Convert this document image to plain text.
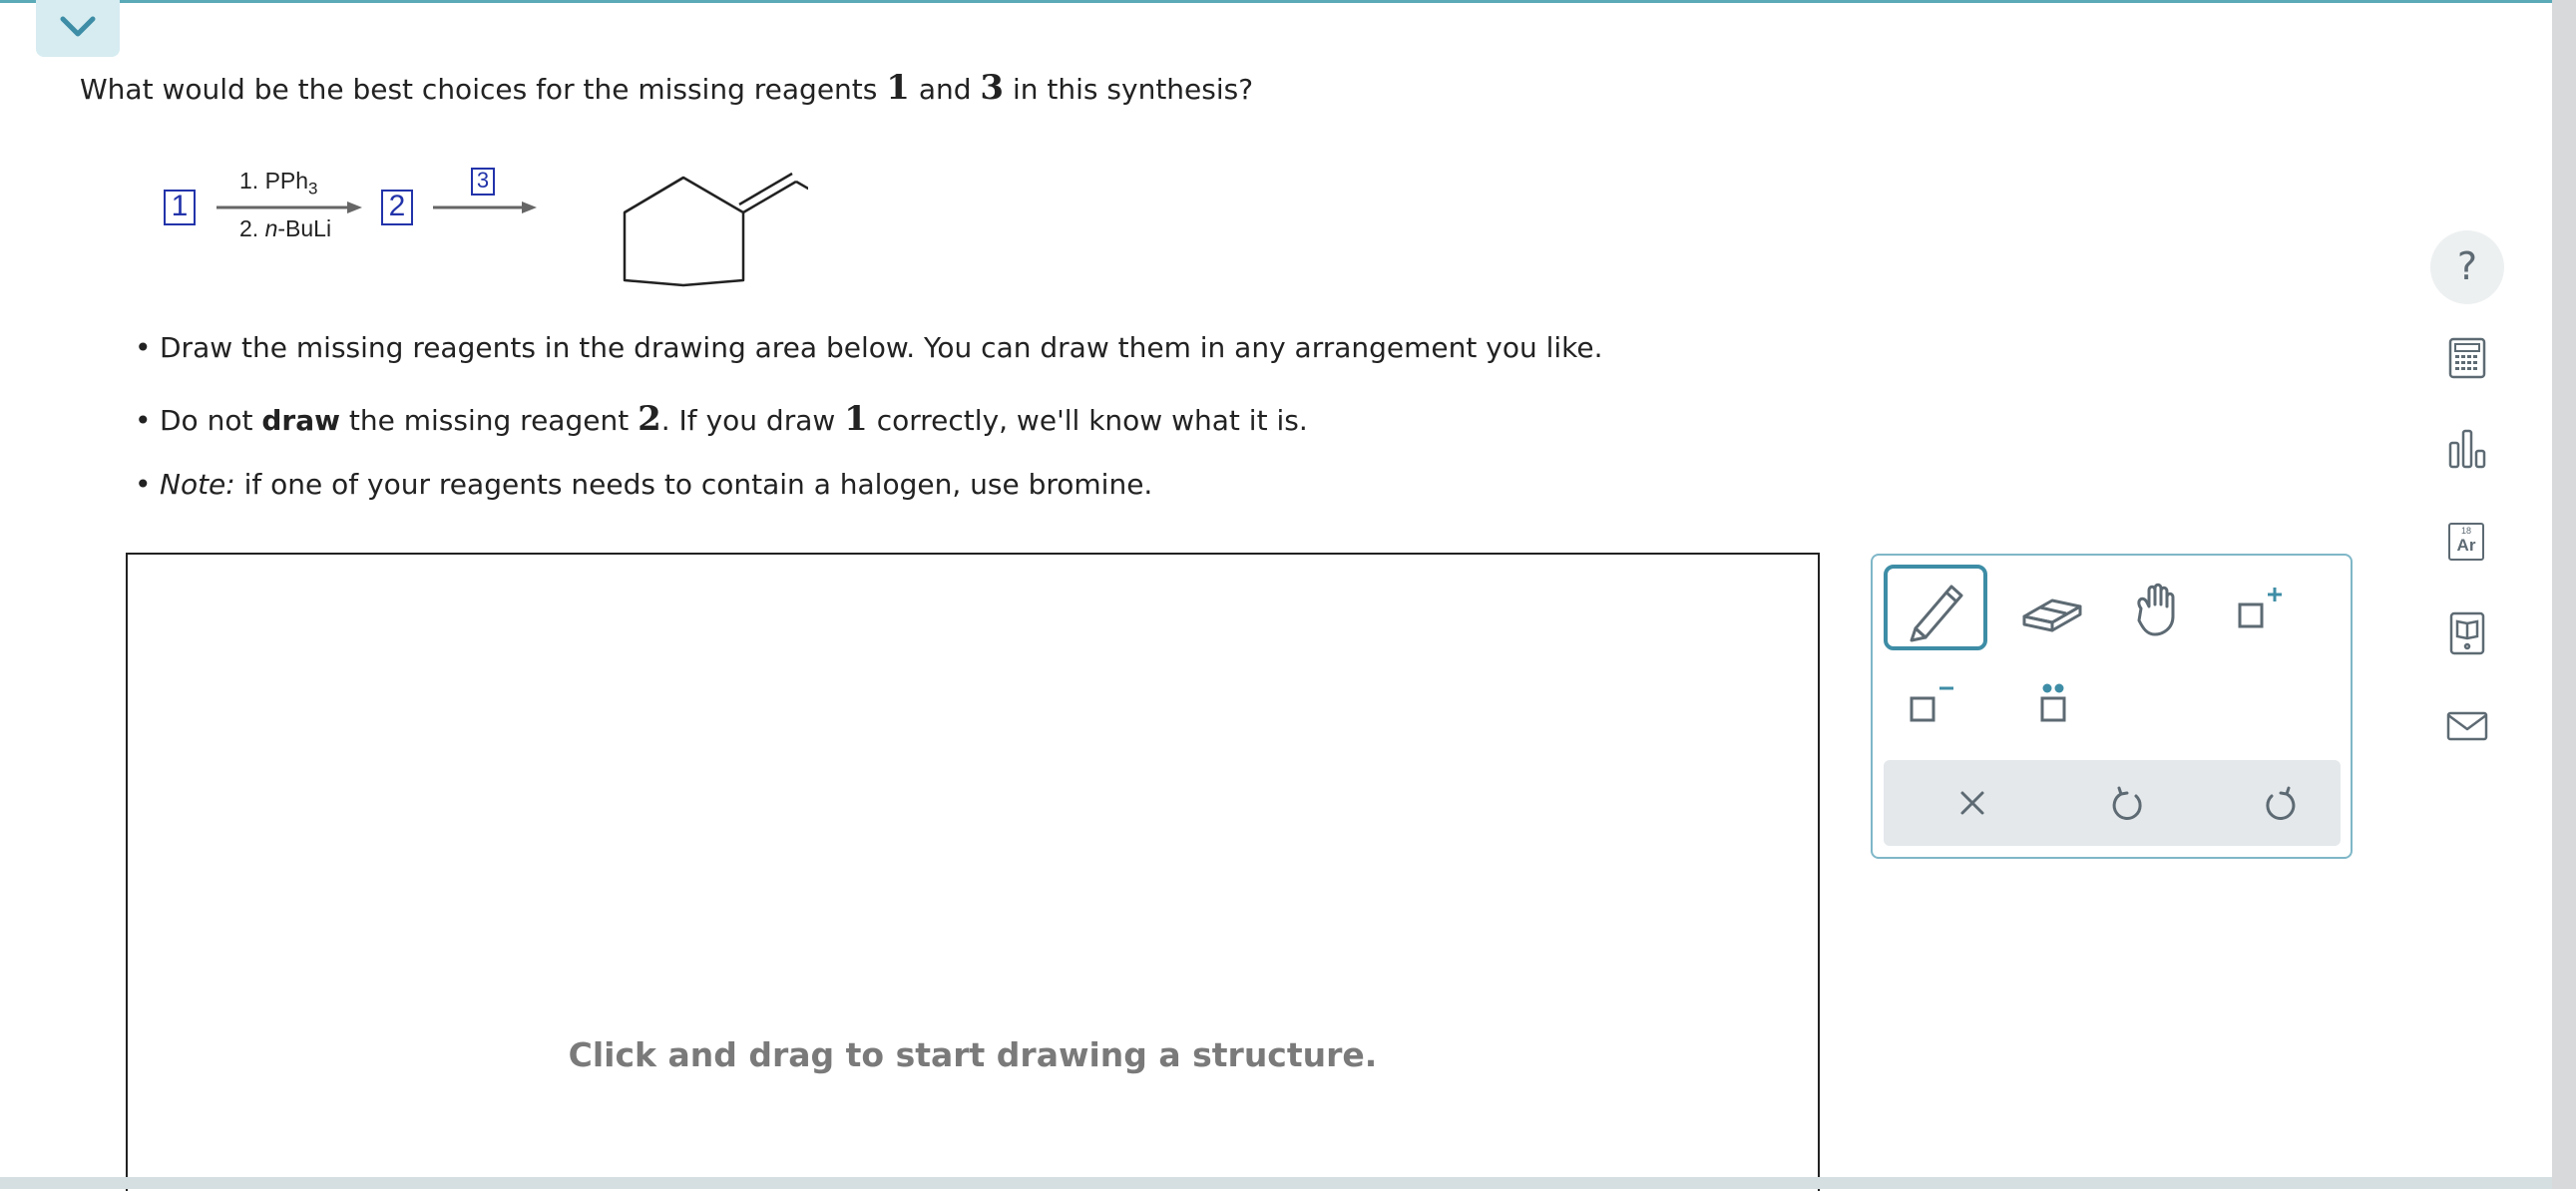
What would be the best choices for the missing reagents 1 and 3 in this synthesis?
1
1. PPh$_3$
2. n-BuLi
2
3
• Draw the missing reagents in the drawing area below. You can draw them in any arrangement you like.
• Do not draw the missing reagent 2. If you draw 1 correctly, we'll know what it is.
• Note: if one of your reagents needs to contain a halogen, use bromine.
Click and drag to start drawing a structure.
?
18
Ar
